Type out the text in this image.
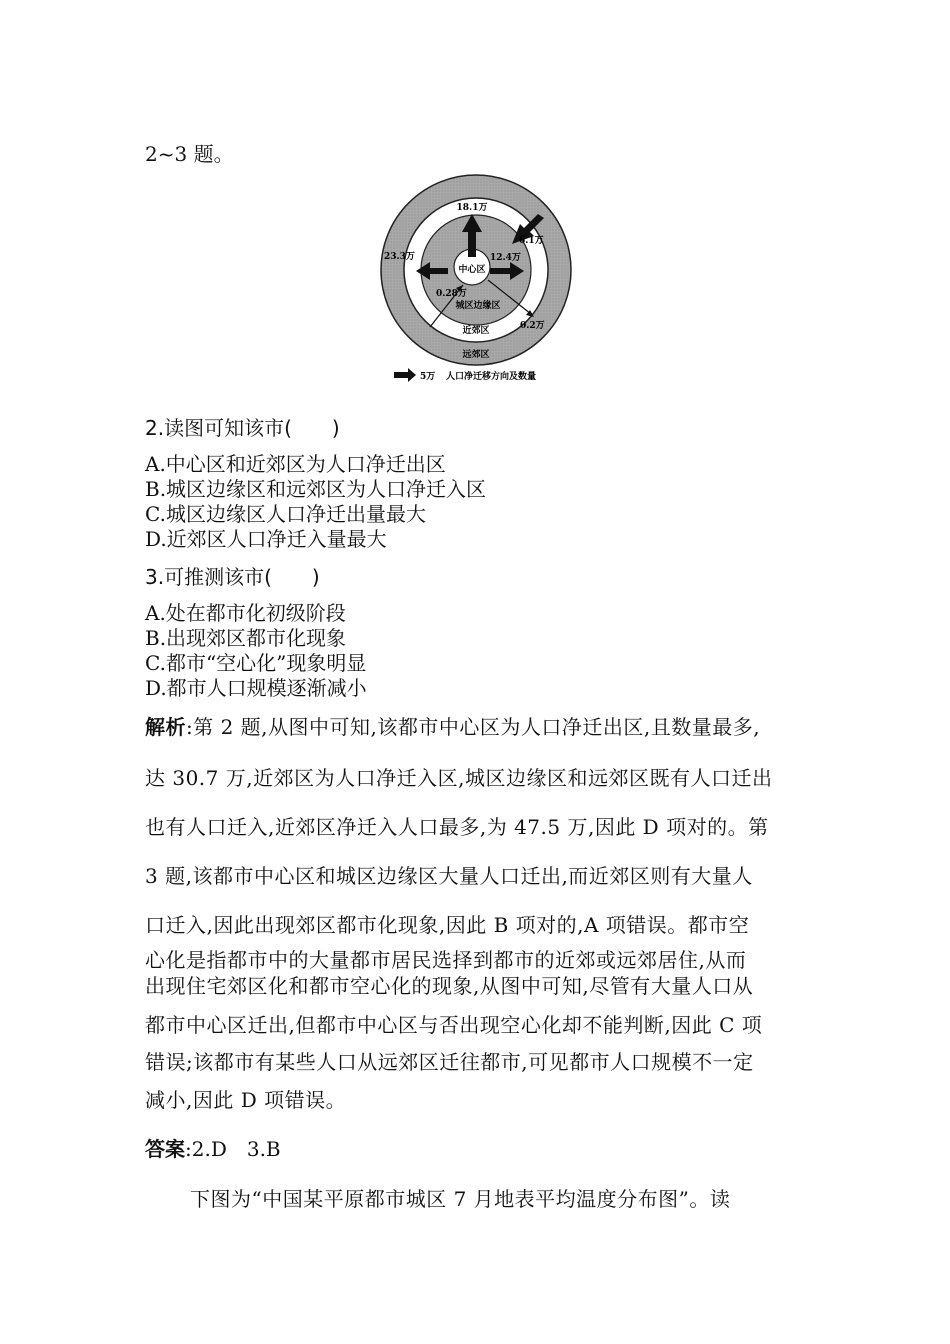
2~3 题。
18.1万
23.3万	12.4万
6.1万
0.28万
0.2万
中心区
城区边缘区
近郊区
远郊区
5万 人口净迁移方向及数量
2.读图可知该市(　　)
A.中心区和近郊区为人口净迁出区
B.城区边缘区和远郊区为人口净迁入区
C.城区边缘区人口净迁出量最大
D.近郊区人口净迁入量最大
3.可推测该市(　　)
A.处在都市化初级阶段
B.出现郊区都市化现象
C.都市“空心化”现象明显
D.都市人口规模逐渐减小
解析:第 2 题,从图中可知,该都市中心区为人口净迁出区,且数量最多,
达 30.7 万,近郊区为人口净迁入区,城区边缘区和远郊区既有人口迁出
也有人口迁入,近郊区净迁入人口最多,为 47.5 万,因此 D 项对的。第
3 题,该都市中心区和城区边缘区大量人口迁出,而近郊区则有大量人
口迁入,因此出现郊区都市化现象,因此 B 项对的,A 项错误。都市空
心化是指都市中的大量都市居民选择到都市的近郊或远郊居住,从而
出现住宅郊区化和都市空心化的现象,从图中可知,尽管有大量人口从
都市中心区迁出,但都市中心区与否出现空心化却不能判断,因此 C 项
错误;该都市有某些人口从远郊区迁往都市,可见都市人口规模不一定
减小,因此 D 项错误。
答案:2.D　3.B
下图为“中国某平原都市城区 7 月地表平均温度分布图”。读
